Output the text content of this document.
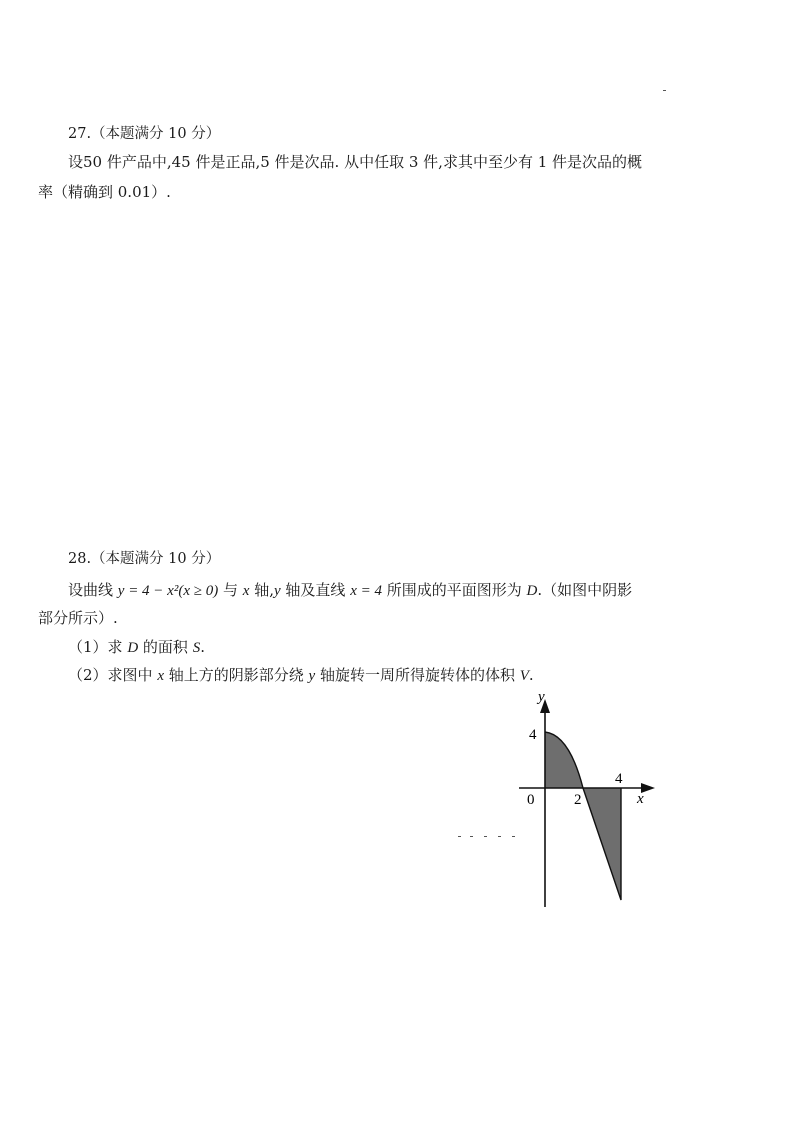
27.（本题满分 10 分）
设50 件产品中,45 件是正品,5 件是次品. 从中任取 3 件,求其中至少有 1 件是次品的概
率（精确到 0.01）.
28.（本题满分 10 分）
设曲线 y = 4 − x²(x ≥ 0) 与 x 轴,y 轴及直线 x = 4 所围成的平面图形为 D.（如图中阴影
部分所示）.
（1）求 D 的面积 S.
（2）求图中 x 轴上方的阴影部分绕 y 轴旋转一周所得旋转体的体积 V.
y
x
0
4
2
4
